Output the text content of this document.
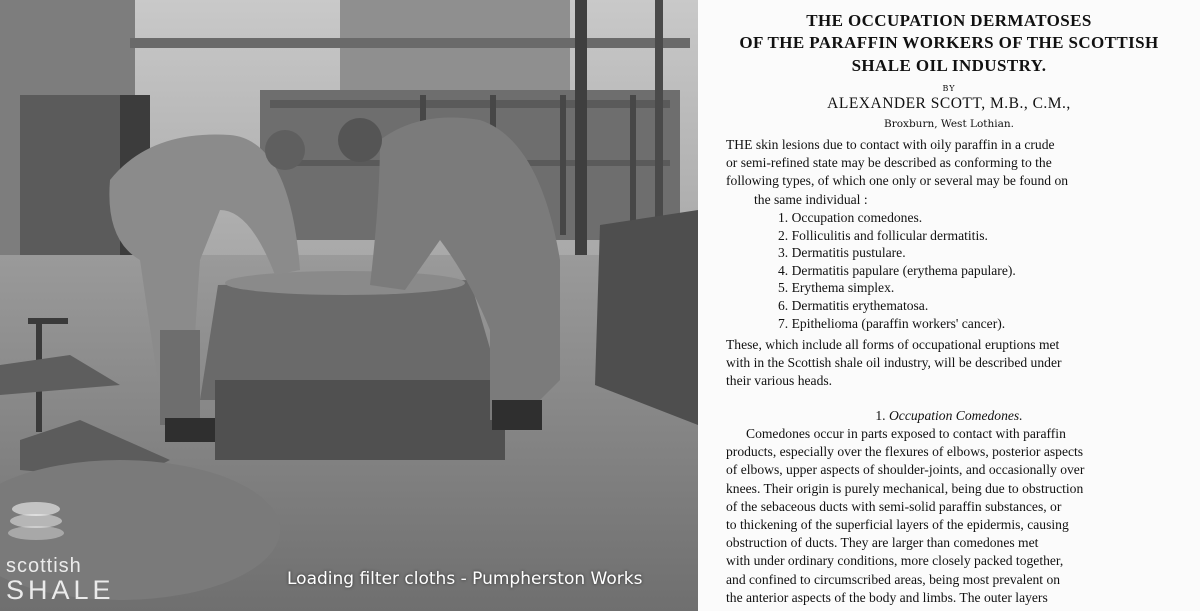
scottish
SHALE	Loading filter cloths - Pumpherston Works
THE OCCUPATION DERMATOSES
OF THE PARAFFIN WORKERS OF THE SCOTTISH
SHALE OIL INDUSTRY.
BY
ALEXANDER SCOTT, M.B., C.M.,
Broxburn, West Lothian.
THE skin lesions due to contact with oily paraffin in a crude
or semi-refined state may be described as conforming to the
following types, of which one only or several may be found on
the same individual :
1. Occupation comedones.
2. Folliculitis and follicular dermatitis.
3. Dermatitis pustulare.
4. Dermatitis papulare (erythema papulare).
5. Erythema simplex.
6. Dermatitis erythematosa.
7. Epithelioma (paraffin workers' cancer).
These, which include all forms of occupational eruptions met
with in the Scottish shale oil industry, will be described under
their various heads.
1. Occupation Comedones.
Comedones occur in parts exposed to contact with paraffin
products, especially over the flexures of elbows, posterior aspects
of elbows, upper aspects of shoulder-joints, and occasionally over
knees. Their origin is purely mechanical, being due to obstruction
of the sebaceous ducts with semi-solid paraffin substances, or
to thickening of the superficial layers of the epidermis, causing
obstruction of ducts. They are larger than comedones met
with under ordinary conditions, more closely packed together,
and confined to circumscribed areas, being most prevalent on
the anterior aspects of the body and limbs. The outer layers
